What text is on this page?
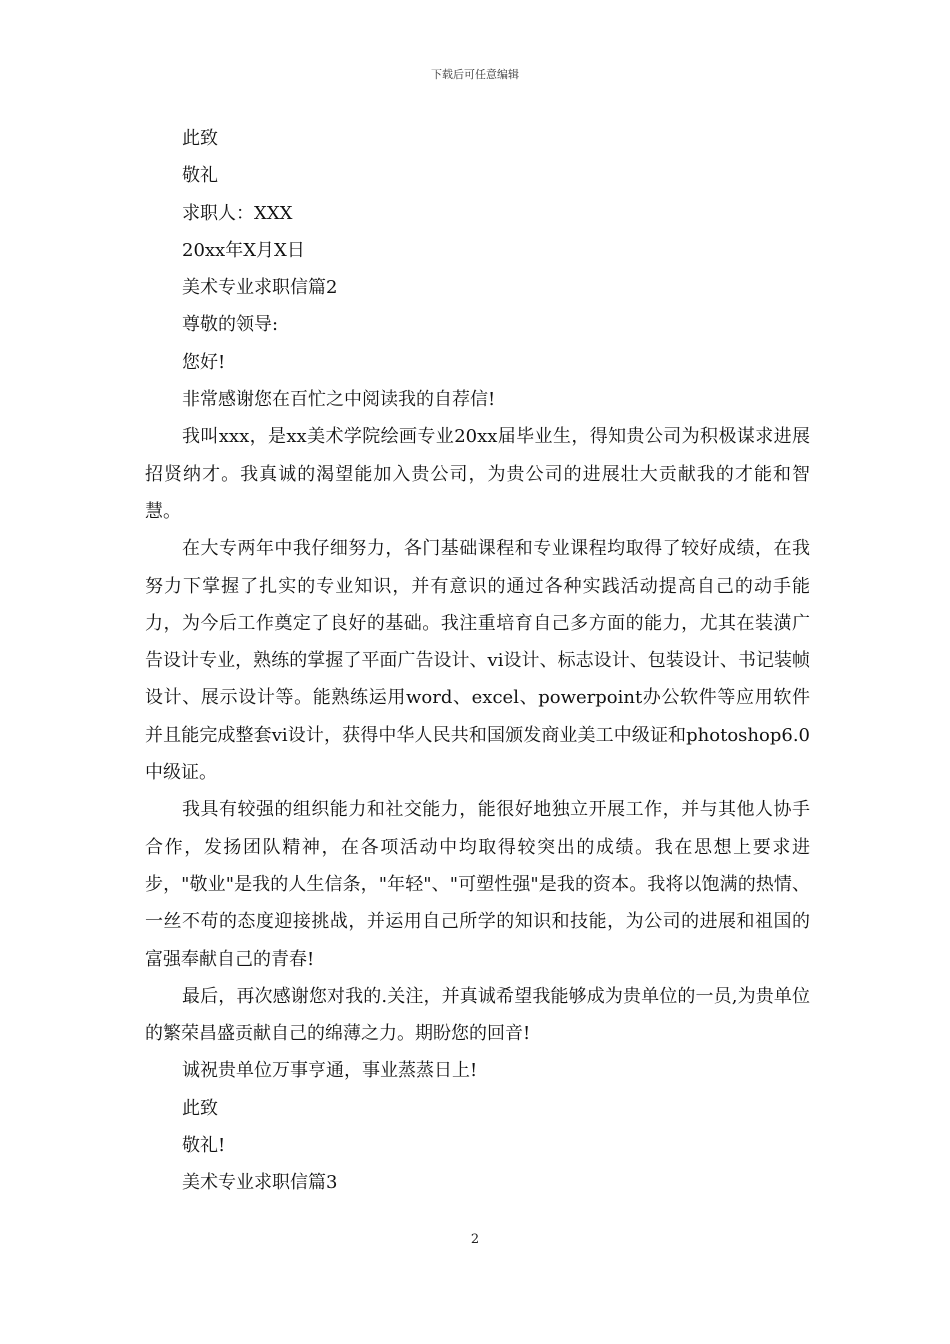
下载后可任意编辑

此致

敬礼

求职人：XXX

20xx年X月X日

美术专业求职信篇2

尊敬的领导:

您好!

非常感谢您在百忙之中阅读我的自荐信!

我叫xxx，是xx美术学院绘画专业20xx届毕业生，得知贵公司为积极谋求进展招贤纳才。我真诚的渴望能加入贵公司，为贵公司的进展壮大贡献我的才能和智慧。

在大专两年中我仔细努力，各门基础课程和专业课程均取得了较好成绩，在我努力下掌握了扎实的专业知识，并有意识的通过各种实践活动提高自己的动手能力，为今后工作奠定了良好的基础。我注重培育自己多方面的能力，尤其在装潢广告设计专业，熟练的掌握了平面广告设计、vi设计、标志设计、包装设计、书记装帧设计、展示设计等。能熟练运用word、excel、powerpoint办公软件等应用软件并且能完成整套vi设计，获得中华人民共和国颁发商业美工中级证和photoshop6.0中级证。

我具有较强的组织能力和社交能力，能很好地独立开展工作，并与其他人协手合作，发扬团队精神，在各项活动中均取得较突出的成绩。我在思想上要求进步，"敬业"是我的人生信条，"年轻"、"可塑性强"是我的资本。我将以饱满的热情、一丝不苟的态度迎接挑战，并运用自己所学的知识和技能，为公司的进展和祖国的富强奉献自己的青春!

最后，再次感谢您对我的.关注，并真诚希望我能够成为贵单位的一员,为贵单位的繁荣昌盛贡献自己的绵薄之力。期盼您的回音!

诚祝贵单位万事亨通，事业蒸蒸日上!

此致

敬礼!

美术专业求职信篇3

2
